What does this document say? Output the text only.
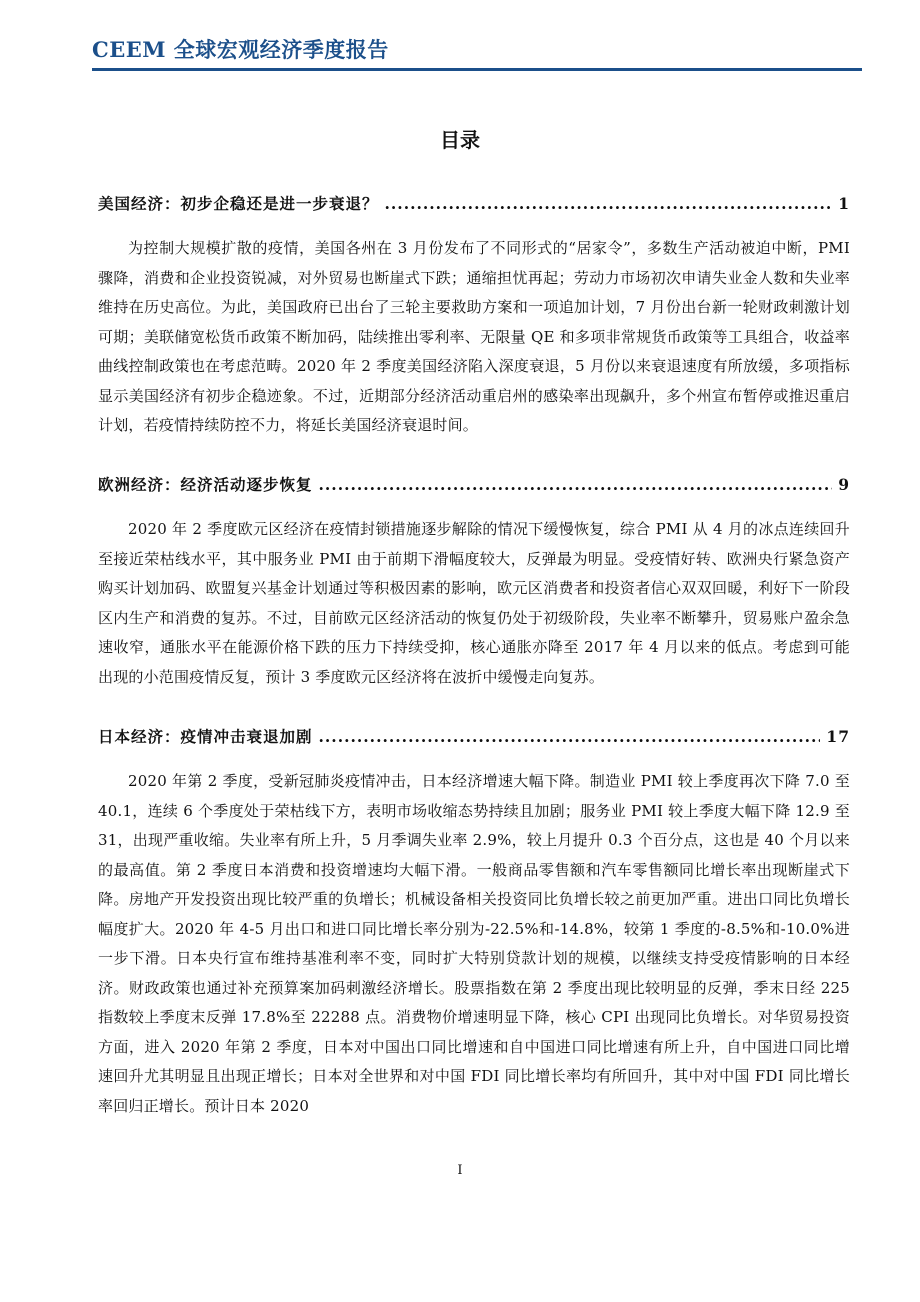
CEEM 全球宏观经济季度报告
目录
美国经济：初步企稳还是进一步衰退？ .....	1
为控制大规模扩散的疫情，美国各州在 3 月份发布了不同形式的“居家令”，多数生产活动被迫中断，PMI 骤降，消费和企业投资锐减，对外贸易也断崖式下跌；通缩担忧再起；劳动力市场初次申请失业金人数和失业率维持在历史高位。为此，美国政府已出台了三轮主要救助方案和一项追加计划，7 月份出台新一轮财政刺激计划可期；美联储宽松货币政策不断加码，陆续推出零利率、无限量 QE 和多项非常规货币政策等工具组合，收益率曲线控制政策也在考虑范畴。2020 年 2 季度美国经济陷入深度衰退，5 月份以来衰退速度有所放缓，多项指标显示美国经济有初步企稳迹象。不过，近期部分经济活动重启州的感染率出现飙升，多个州宣布暂停或推迟重启计划，若疫情持续防控不力，将延长美国经济衰退时间。
欧洲经济：经济活动逐步恢复 .....	9
2020 年 2 季度欧元区经济在疫情封锁措施逐步解除的情况下缓慢恢复，综合 PMI 从 4 月的冰点连续回升至接近荣枯线水平，其中服务业 PMI 由于前期下滑幅度较大，反弹最为明显。受疫情好转、欧洲央行紧急资产购买计划加码、欧盟复兴基金计划通过等积极因素的影响，欧元区消费者和投资者信心双双回暖，利好下一阶段区内生产和消费的复苏。不过，目前欧元区经济活动的恢复仍处于初级阶段，失业率不断攀升，贸易账户盈余急速收窄，通胀水平在能源价格下跌的压力下持续受抑，核心通胀亦降至 2017 年 4 月以来的低点。考虑到可能出现的小范围疫情反复，预计 3 季度欧元区经济将在波折中缓慢走向复苏。
日本经济：疫情冲击衰退加剧 .....	17
2020 年第 2 季度，受新冠肺炎疫情冲击，日本经济增速大幅下降。制造业 PMI 较上季度再次下降 7.0 至 40.1，连续 6 个季度处于荣枯线下方，表明市场收缩态势持续且加剧；服务业 PMI 较上季度大幅下降 12.9 至 31，出现严重收缩。失业率有所上升，5 月季调失业率 2.9%，较上月提升 0.3 个百分点，这也是 40 个月以来的最高值。第 2 季度日本消费和投资增速均大幅下滑。一般商品零售额和汽车零售额同比增长率出现断崖式下降。房地产开发投资出现比较严重的负增长；机械设备相关投资同比负增长较之前更加严重。进出口同比负增长幅度扩大。2020 年 4-5 月出口和进口同比增长率分别为-22.5%和-14.8%，较第 1 季度的-8.5%和-10.0%进一步下滑。日本央行宣布维持基准利率不变，同时扩大特别贷款计划的规模，以继续支持受疫情影响的日本经济。财政政策也通过补充预算案加码刺激经济增长。股票指数在第 2 季度出现比较明显的反弹，季末日经 225 指数较上季度末反弹 17.8%至 22288 点。消费物价增速明显下降，核心 CPI 出现同比负增长。对华贸易投资方面，进入 2020 年第 2 季度，日本对中国出口同比增速和自中国进口同比增速有所上升，自中国进口同比增速回升尤其明显且出现正增长；日本对全世界和对中国 FDI 同比增长率均有所回升，其中对中国 FDI 同比增长率回归正增长。预计日本 2020
I
